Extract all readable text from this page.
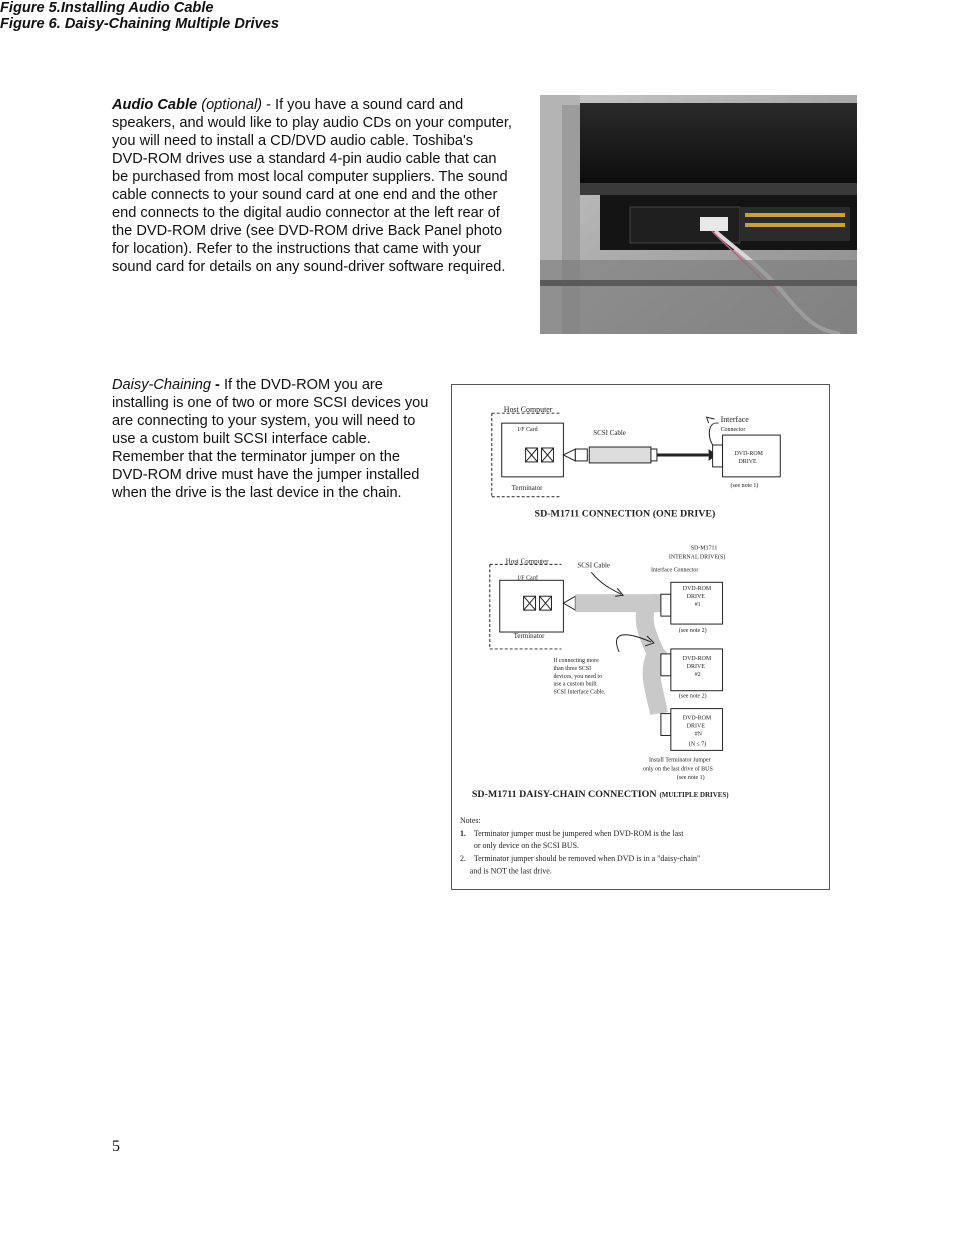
Audio Cable (optional) - If you have a sound card and speakers, and would like to play audio CDs on your computer, you will need to install a CD/DVD audio cable. Toshiba's DVD-ROM drives use a standard 4-pin audio cable that can be purchased from most local computer suppliers. The sound cable connects to your sound card at one end and the other end connects to the digital audio connector at the left rear of the DVD-ROM drive (see DVD-ROM drive Back Panel photo for location). Refer to the instructions that came with your sound card for details on any sound-driver software required.
Figure 5.Installing Audio Cable
Daisy-Chaining - If the DVD-ROM you are installing is one of two or more SCSI devices you are connecting to your system, you will need to use a custom built SCSI interface cable. Remember that the terminator jumper on the DVD-ROM drive must have the jumper installed when the drive is the last device in the chain.
Figure 6. Daisy-Chaining Multiple Drives
Host Computer
I/F Card
Terminator
SCSI Cable
Interface
Connector
DVD-ROM
DRIVE
(see note 1)
SD-M1711 CONNECTION (ONE DRIVE)
Host Computer
I/F Card
Terminator
SCSI Cable
SD-M1711
INTERNAL DRIVE(S)
Interface Connector
DVD-ROM
DRIVE
#1
(see note 2)
DVD-ROM
DRIVE
#2
(see note 2)
DVD-ROM
DRIVE
#N
(N ≤ 7)
If connecting more
than three SCSI
devices, you need to
use a custom built
SCSI Interface Cable.
Install Terminator Jumper
only on the last drive of BUS
(see note 1)
SD-M1711 DAISY-CHAIN CONNECTION (MULTIPLE DRIVES)
Notes:
1. Terminator jumper must be jumpered when DVD-ROM is the last
or only device on the SCSI BUS.
2. Terminator jumper should be removed when DVD is in a "daisy-chain"
and is NOT the last drive.
5
